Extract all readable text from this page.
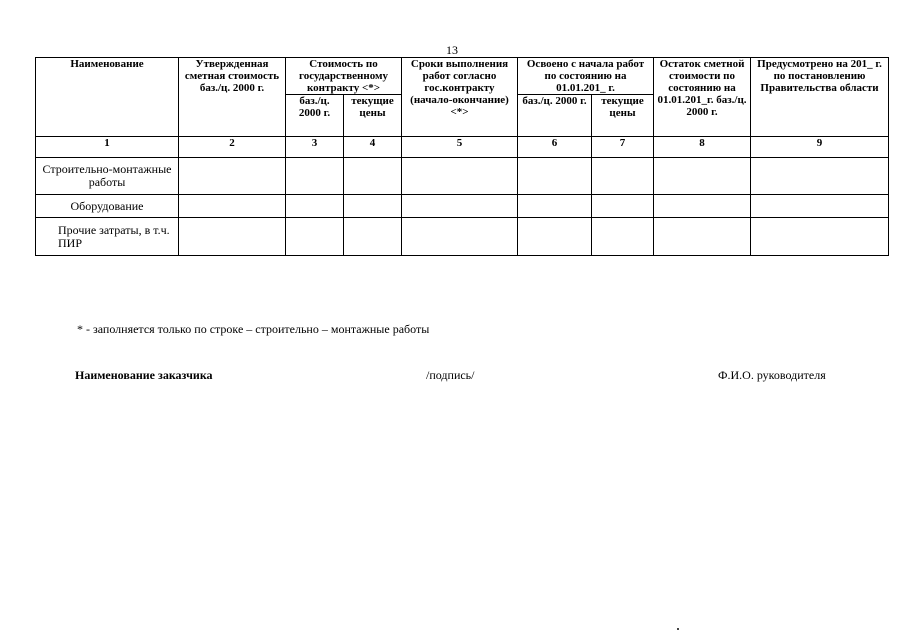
13
Наименование	Утвержденная сметная стоимость баз./ц. 2000 г.	Стоимость по государственному контракту <*>		Сроки выполнения работ согласно гос.контракту (начало-окончание) <*>	Освоено с начала работ по состоянию на 01.01.201_ г.		Остаток сметной стоимости по состоянию на 01.01.201_г. баз./ц. 2000 г.	Предусмотрено на 201_ г. по постановлению Правительства области
		баз./ц. 2000 г.	текущие цены		баз./ц. 2000 г.	текущие цены		
1	2	3	4	5	6	7	8	9
Строительно-монтажные работы								
Оборудование								
Прочие затраты, в т.ч. ПИР								
* - заполняется только по строке – строительно – монтажные работы
Наименование заказчика	/подпись/	Ф.И.О. руководителя
